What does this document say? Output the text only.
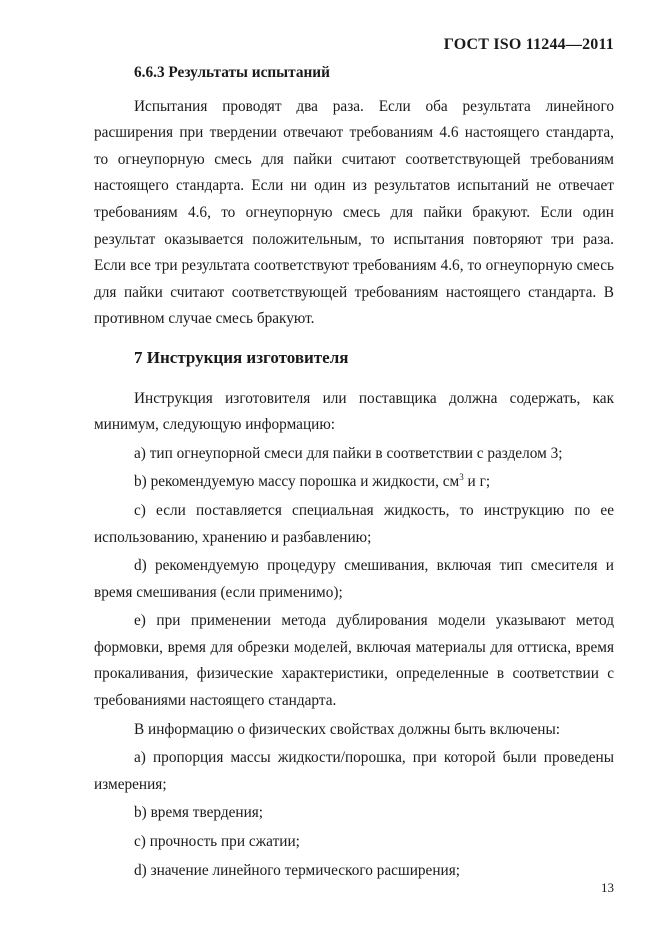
ГОСТ ISO 11244—2011
6.6.3 Результаты испытаний

Испытания проводят два раза. Если оба результата линейного расширения при твердении отвечают требованиям 4.6 настоящего стандарта, то огнеупорную смесь для пайки считают соответствующей требованиям настоящего стандарта. Если ни один из результатов испытаний не отвечает требованиям 4.6, то огнеупорную смесь для пайки бракуют. Если один результат оказывается положительным, то испытания повторяют три раза. Если все три результата соответствуют требованиям 4.6, то огнеупорную смесь для пайки считают соответствующей требованиям настоящего стандарта. В противном случае смесь бракуют.

7 Инструкция изготовителя

Инструкция изготовителя или поставщика должна содержать, как минимум, следующую информацию:

а) тип огнеупорной смеси для пайки в соответствии с разделом 3;

b) рекомендуемую массу порошка и жидкости, $см^3$ и г;

с) если поставляется специальная жидкость, то инструкцию по ее использованию, хранению и разбавлению;

d) рекомендуемую процедуру смешивания, включая тип смесителя и время смешивания (если применимо);

е) при применении метода дублирования модели указывают метод формовки, время для обрезки моделей, включая материалы для оттиска, время прокаливания, физические характеристики, определенные в соответствии с требованиями настоящего стандарта.

В информацию о физических свойствах должны быть включены:

а) пропорция массы жидкости/порошка, при которой были проведены измерения;

b) время твердения;

с) прочность при сжатии;

d) значение линейного термического расширения;

13
